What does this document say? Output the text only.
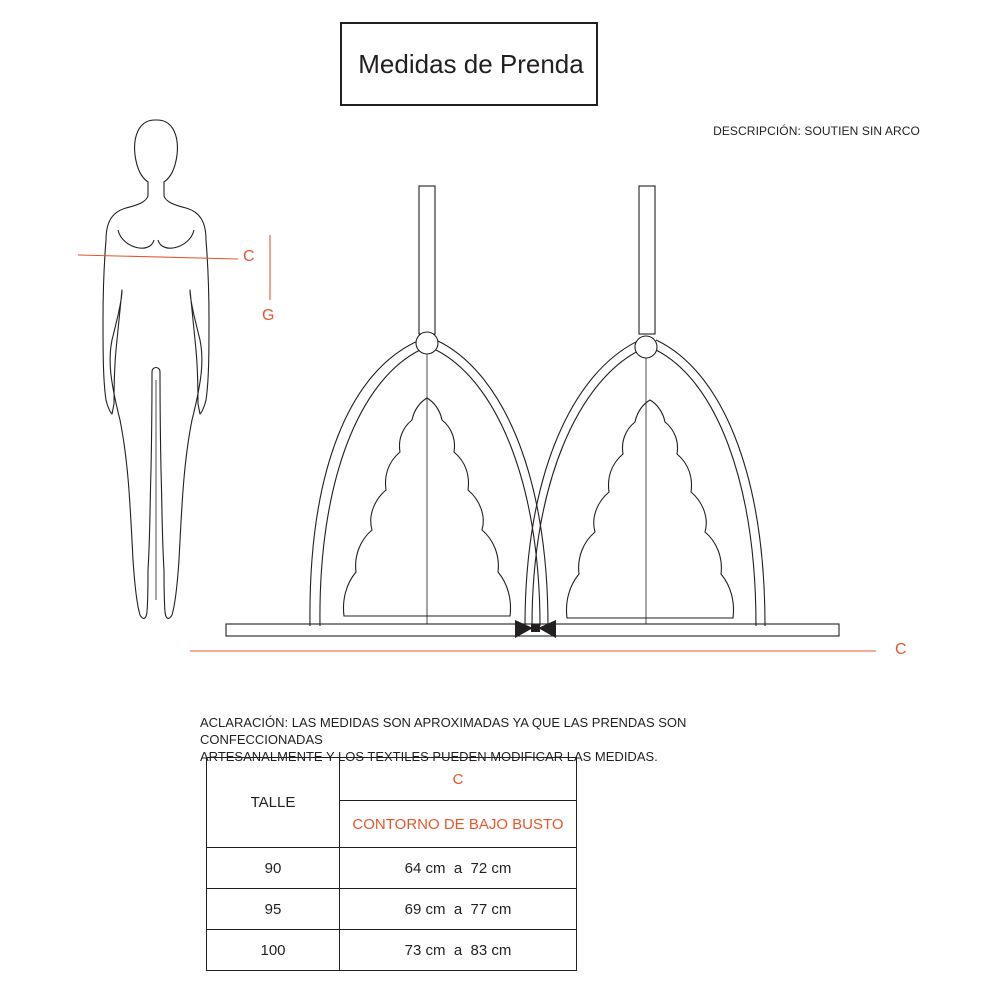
Medidas de Prenda
DESCRIPCIÓN: SOUTIEN SIN ARCO
C
G
C
ACLARACIÓN: LAS MEDIDAS SON APROXIMADAS YA QUE LAS PRENDAS SON CONFECCIONADAS
ARTESANALMENTE Y LOS TEXTILES PUEDEN MODIFICAR LAS MEDIDAS.
TALLE	C
	CONTORNO DE BAJO BUSTO
90	64 cm  a  72 cm
95	69 cm  a  77 cm
100	73 cm  a  83 cm
